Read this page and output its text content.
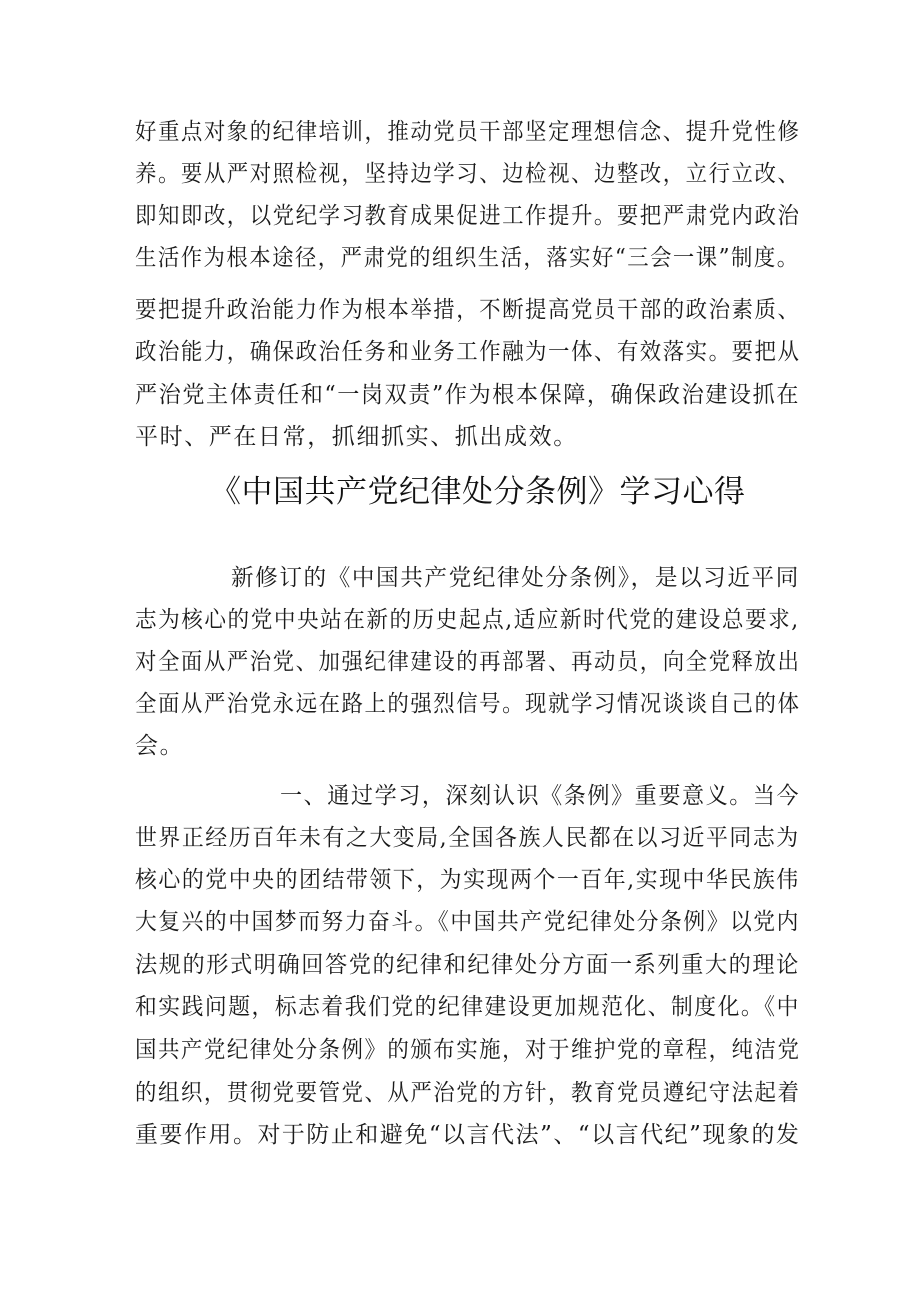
好重点对象的纪律培训，推动党员干部坚定理想信念、提升党性修
养。要从严对照检视，坚持边学习、边检视、边整改，立行立改、
即知即改，以党纪学习教育成果促进工作提升。要把严肃党内政治
生活作为根本途径，严肃党的组织生活，落实好“三会一课”制度。
要把提升政治能力作为根本举措，不断提高党员干部的政治素质、
政治能力，确保政治任务和业务工作融为一体、有效落实。要把从
严治党主体责任和“一岗双责”作为根本保障，确保政治建设抓在
平时、严在日常，抓细抓实、抓出成效。
《中国共产党纪律处分条例》学习心得
新修订的《中国共产党纪律处分条例》，是以习近平同
志为核心的党中央站在新的历史起点,适应新时代党的建设总要求,
对全面从严治党、加强纪律建设的再部署、再动员，向全党释放出
全面从严治党永远在路上的强烈信号。现就学习情况谈谈自己的体
会。
一、通过学习，深刻认识《条例》重要意义。当今
世界正经历百年未有之大变局,全国各族人民都在以习近平同志为
核心的党中央的团结带领下，为实现两个一百年,实现中华民族伟
大复兴的中国梦而努力奋斗。《中国共产党纪律处分条例》以党内
法规的形式明确回答党的纪律和纪律处分方面一系列重大的理论
和实践问题，标志着我们党的纪律建设更加规范化、制度化。《中
国共产党纪律处分条例》的颁布实施，对于维护党的章程，纯洁党
的组织，贯彻党要管党、从严治党的方针，教育党员遵纪守法起着
重要作用。对于防止和避免“以言代法”、“以言代纪”现象的发
